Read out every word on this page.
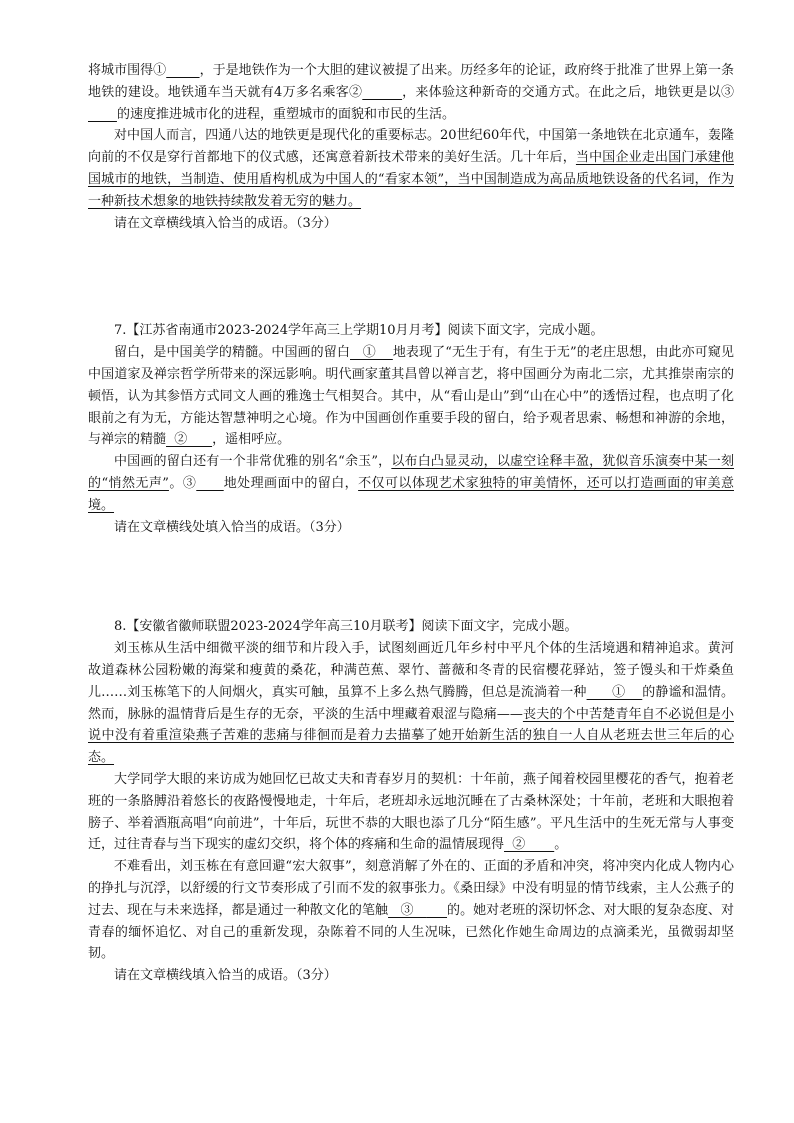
将城市围得①	，于是地铁作为一个大胆的建议被提了出来。历经多年的论证，政府终于批准了世界上第一条地铁的建设。地铁通车当天就有4万多名乘客②	，来体验这种新奇的交通方式。在此之后，地铁更是以③       的速度推进城市化的进程，重塑城市的面貌和市民的生活。

对中国人而言，四通八达的地铁更是现代化的重要标志。20世纪60年代，中国第一条地铁在北京通车，轰隆向前的不仅是穿行首都地下的仪式感，还寓意着新技术带来的美好生活。几十年后，当中国企业走出国门承建他国城市的地铁，当制造、使用盾构机成为中国人的“看家本领”，当中国制造成为高品质地铁设备的代名词，作为一种新技术想象的地铁持续散发着无穷的魅力。

请在文章横线填入恰当的成语。（3分）

7.【江苏省南通市2023-2024学年高三上学期10月月考】阅读下面文字，完成小题。

留白，是中国美学的精髓。中国画的留白   ①    地表现了“无生于有，有生于无”的老庄思想，由此亦可窥见中国道家及禅宗哲学所带来的深远影响。明代画家董其昌曾以禅言艺，将中国画分为南北二宗，尤其推崇南宗的顿悟，认为其参悟方式同文人画的雅逸士气相契合。其中，从“看山是山”到“山在心中”的透悟过程，也点明了化眼前之有为无，方能达智慧神明之心境。作为中国画创作重要手段的留白，给予观者思索、畅想和神游的余地，与禅宗的精髓  ②      ，遥相呼应。

中国画的留白还有一个非常优雅的别名“余玉”，以布白凸显灵动，以虚空诠释丰盈，犹似音乐演奏中某一刻的“悄然无声”。③ 地处理画面中的留白，不仅可以体现艺术家独特的审美情怀，还可以打造画面的审美意境。

请在文章横线处填入恰当的成语。（3分）

8.【安徽省徽师联盟2023-2024学年高三10月联考】阅读下面文字，完成小题。

刘玉栋从生活中细微平淡的细节和片段入手，试图刻画近几年乡村中平凡个体的生活境遇和精神追求。黄河故道森林公园粉嫩的海棠和瘦黄的桑花，种满芭蕉、翠竹、蔷薇和冬青的民宿樱花驿站，签子馒头和干炸桑鱼儿……刘玉栋笔下的人间烟火，真实可触，虽算不上多么热气腾腾，但总是流淌着一种      ①    的静谧和温情。然而，脉脉的温情背后是生存的无奈，平淡的生活中埋藏着艰涩与隐痛——丧夫的个中苦楚青年自不必说但是小说中没有着重渲染燕子苦难的悲痛与徘徊而是着力去描摹了她开始新生活的独自一人自从老班去世三年后的心态。

大学同学大眼的来访成为她回忆已故丈夫和青春岁月的契机：十年前，燕子闻着校园里樱花的香气，抱着老班的一条胳膊沿着悠长的夜路慢慢地走，十年后，老班却永远地沉睡在了古桑林深处；十年前，老班和大眼抱着膀子、举着酒瓶高唱“向前进”，十年后，玩世不恭的大眼也添了几分“陌生感”。平凡生活中的生死无常与人事变迁，过往青春与当下现实的虚幻交织，将个体的疼痛和生命的温情展现得  ②       。

不难看出，刘玉栋在有意回避“宏大叙事”，刻意消解了外在的、正面的矛盾和冲突，将冲突内化成人物内心的挣扎与沉浮，以舒缓的行文节奏形成了引而不发的叙事张力。《桑田绿》中没有明显的情节线索，主人公燕子的过去、现在与未来选择，都是通过一种散文化的笔触   ③        的。她对老班的深切怀念、对大眼的复杂态度、对青春的缅怀追忆、对自己的重新发现，杂陈着不同的人生况味，已然化作她生命周边的点滴柔光，虽微弱却坚韧。

请在文章横线填入恰当的成语。（3分）
